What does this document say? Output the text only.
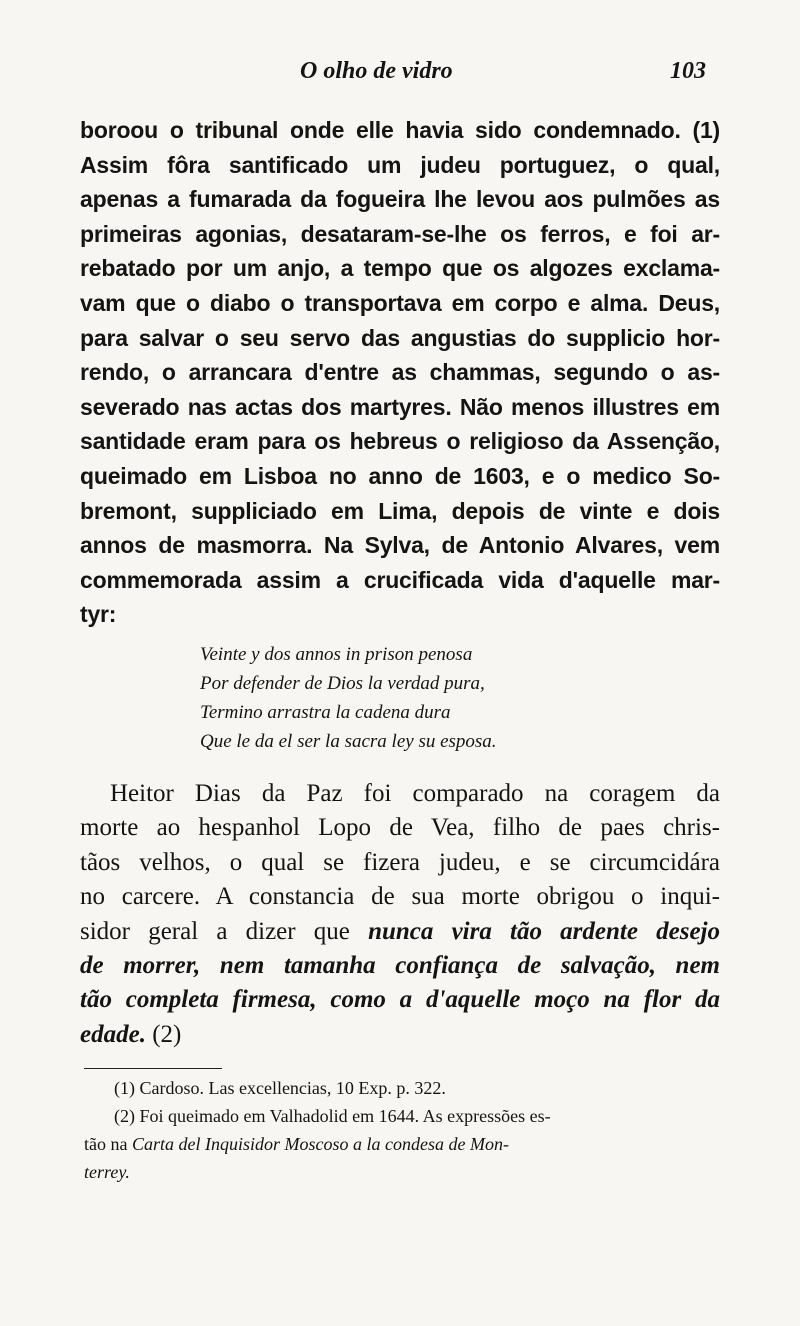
O olho de vidro	103
boroou o tribunal onde elle havia sido condemnado. (1)
Assim fôra santificado um judeu portuguez, o qual,
apenas a fumarada da fogueira lhe levou aos pulmões as
primeiras agonias, desataram-se-lhe os ferros, e foi ar-
rebatado por um anjo, a tempo que os algozes exclama-
vam que o diabo o transportava em corpo e alma. Deus,
para salvar o seu servo das angustias do supplicio hor-
rendo, o arrancara d'entre as chammas, segundo o as-
severado nas actas dos martyres. Não menos illustres em
santidade eram para os hebreus o religioso da Assenção,
queimado em Lisboa no anno de 1603, e o medico So-
bremont, suppliciado em Lima, depois de vinte e dois
annos de masmorra. Na Sylva, de Antonio Alvares, vem
commemorada assim a crucificada vida d'aquelle mar-
tyr:
Veinte y dos annos in prison penosa
Por defender de Dios la verdad pura,
Termino arrastra la cadena dura
Que le da el ser la sacra ley su esposa.
Heitor Dias da Paz foi comparado na coragem da
morte ao hespanhol Lopo de Vea, filho de paes chris-
tãos velhos, o qual se fizera judeu, e se circumcidára
no carcere. A constancia de sua morte obrigou o inqui-
sidor geral a dizer que nunca vira tão ardente desejo
de morrer, nem tamanha confiança de salvação, nem
tão completa firmesa, como a d'aquelle moço na flor da
edade. (2)
(1) Cardoso. Las excellencias, 10 Exp. p. 322.
(2) Foi queimado em Valhadolid em 1644. As expressões es-
tão na Carta del Inquisidor Moscoso a la condesa de Mon-
terrey.
